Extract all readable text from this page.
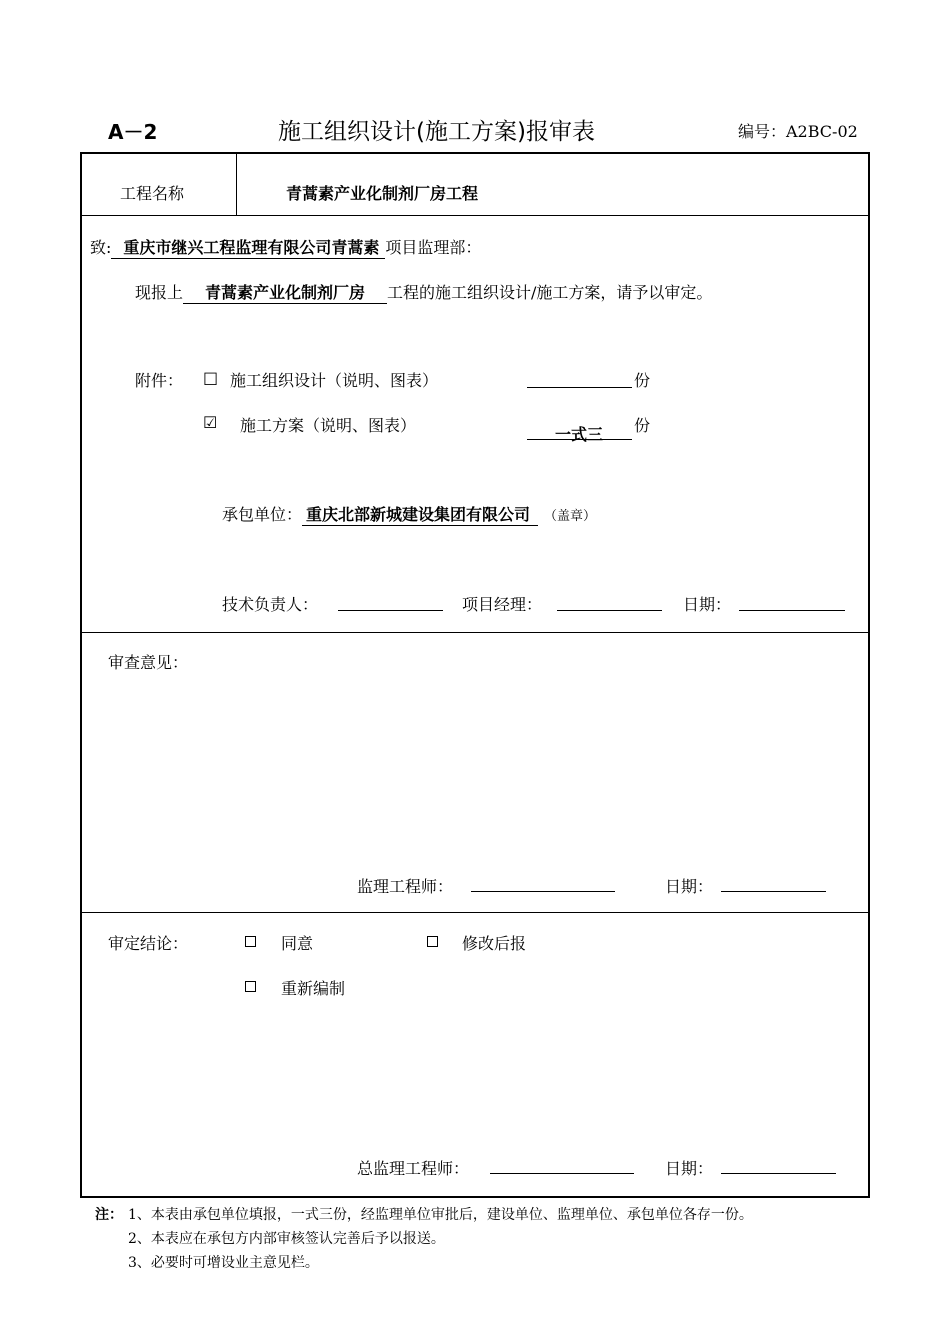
A－2	施工组织设计(施工方案)报审表	编号：A2BC-02
工程名称	青蒿素产业化制剂厂房工程
致: 重庆市继兴工程监理有限公司青蒿素 项目监理部：
现报上 青蒿素产业化制剂厂房 工程的施工组织设计/施工方案，请予以审定。
附件： □ 施工组织设计（说明、图表）	份
☑ 施工方案（说明、图表）	一式三 份
承包单位： 重庆北部新城建设集团有限公司 （盖章）
技术负责人：	项目经理：	日期：
审查意见：
监理工程师：	日期：
审定结论：	同意	修改后报
重新编制
总监理工程师：	日期：
注： 1、本表由承包单位填报，一式三份，经监理单位审批后，建设单位、监理单位、承包单位各存一份。
2、本表应在承包方内部审核签认完善后予以报送。
3、必要时可增设业主意见栏。
